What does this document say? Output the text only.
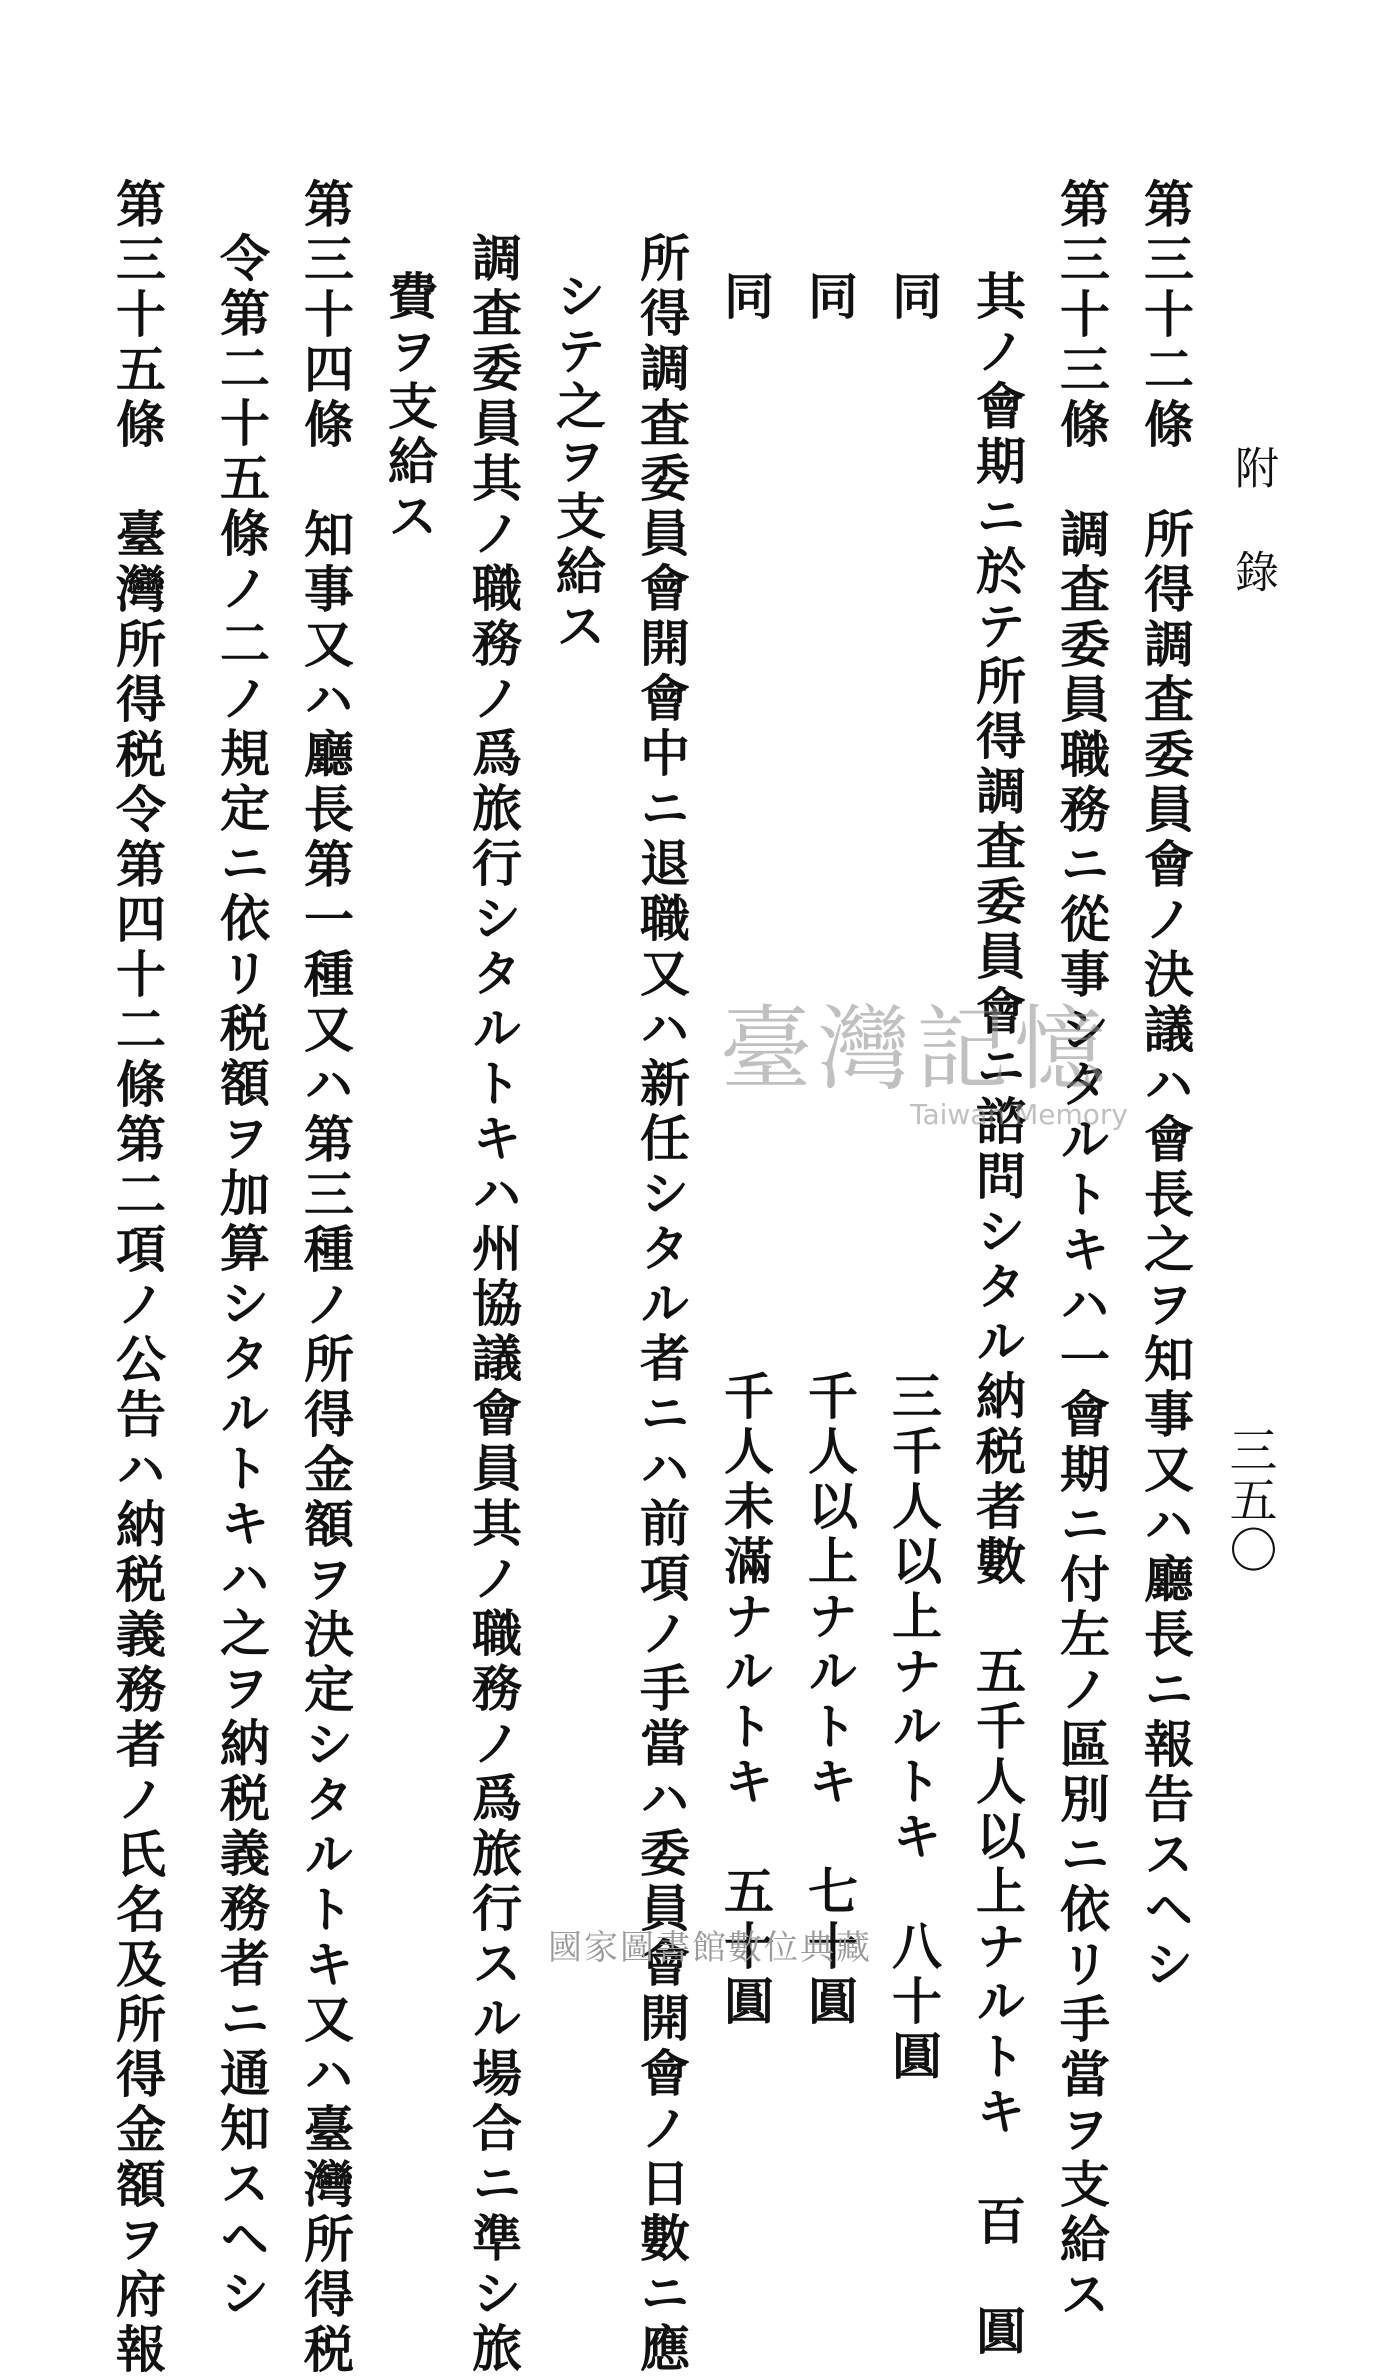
附錄
三五〇
第三十二條　所得調査委員會ノ決議ハ會長之ヲ知事又ハ廳長ニ報告スヘシ
第三十三條　調査委員職務ニ從事シタルトキハ一會期ニ付左ノ區別ニ依リ手當ヲ支給ス
其ノ會期ニ於テ所得調査委員會ニ諮問シタル納税者數　五千人以上ナルトキ　百　圓
同　　　　　　　　　　　　　　　　　　　三千人以上ナルトキ　八十圓
同　　　　　　　　　　　　　　　　　　　千人以上ナルトキ　七十圓
同　　　　　　　　　　　　　　　　　　　千人未滿ナルトキ　五十圓
所得調査委員會開會中ニ退職又ハ新任シタル者ニハ前項ノ手當ハ委員會開會ノ日數ニ應
シテ之ヲ支給ス
調査委員其ノ職務ノ爲旅行シタルトキハ州協議會員其ノ職務ノ爲旅行スル場合ニ準シ旅
費ヲ支給ス
第三十四條　知事又ハ廳長第一種又ハ第三種ノ所得金額ヲ決定シタルトキ又ハ臺灣所得税
令第二十五條ノ二ノ規定ニ依リ税額ヲ加算シタルトキハ之ヲ納税義務者ニ通知スヘシ
第三十五條　臺灣所得税令第四十二條第二項ノ公告ハ納税義務者ノ氏名及所得金額ヲ府報	臺灣記憶
Taiwan Memory
國家圖書館數位典藏
